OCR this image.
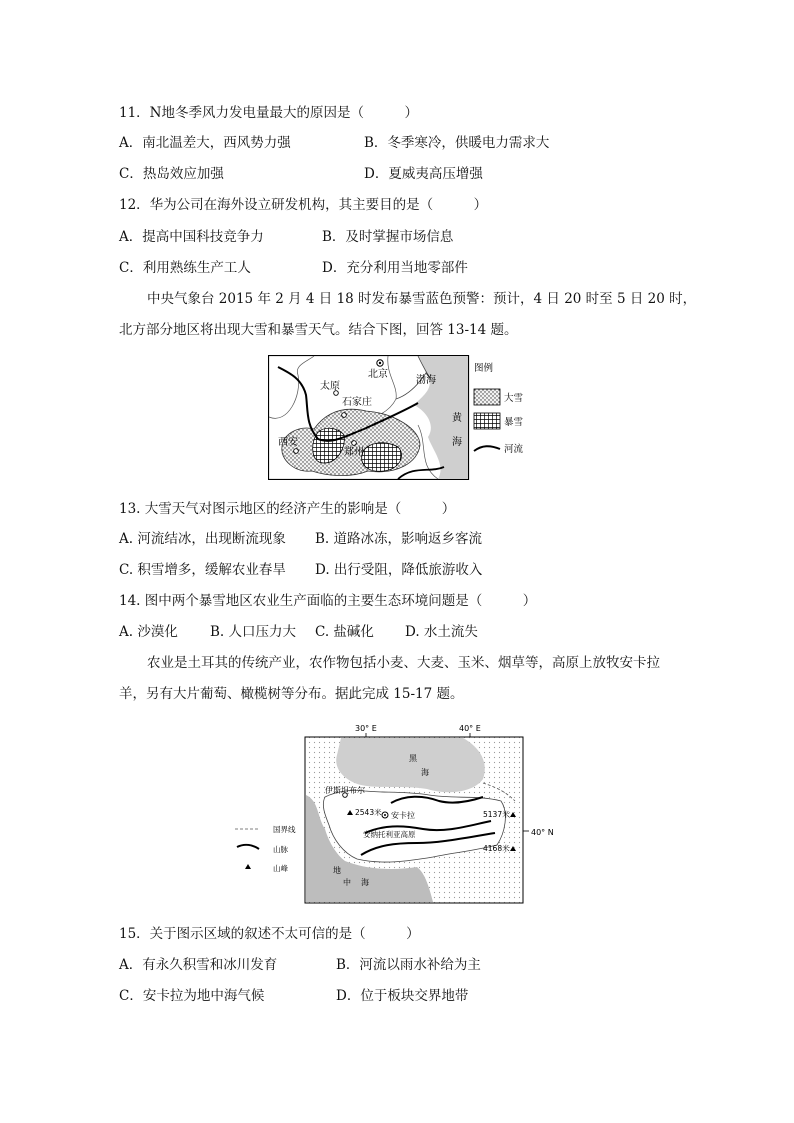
11．N地冬季风力发电量最大的原因是（　　　）
A．南北温差大，西风势力强	B．冬季寒冷，供暖电力需求大
C．热岛效应加强	D．夏威夷高压增强
12．华为公司在海外设立研发机构，其主要目的是（　　　）
A．提高中国科技竞争力	B．及时掌握市场信息
C．利用熟练生产工人	D．充分利用当地零部件
中央气象台 2015 年 2 月 4 日 18 时发布暴雪蓝色预警：预计，4 日 20 时至 5 日 20 时，
北方部分地区将出现大雪和暴雪天气。结合下图，回答 13-14 题。
北京
太原
石家庄
西安
郑州
渤海
黄
海
图例
大雪
暴雪
河流
13. 大雪天气对图示地区的经济产生的影响是（　　　）
A. 河流结冰，出现断流现象 B. 道路冰冻，影响返乡客流
C. 积雪增多，缓解农业春旱 D. 出行受阻，降低旅游收入
14. 图中两个暴雪地区农业生产面临的主要生态环境问题是（　　　）
A. 沙漠化 B. 人口压力大 C. 盐碱化 D. 水土流失
农业是土耳其的传统产业，农作物包括小麦、大麦、玉米、烟草等，高原上放牧安卡拉
羊，另有大片葡萄、橄榄树等分布。据此完成 15-17 题。
30° E	40° E
40° N
伊斯坦布尔
安卡拉
安纳托利亚高原
2543米	5137米
4168米
黑
海
地
中 海
国界线
山脉
山峰
15．关于图示区域的叙述不太可信的是（　　　）
A．有永久积雪和冰川发育	B．河流以雨水补给为主
C．安卡拉为地中海气候	D．位于板块交界地带
